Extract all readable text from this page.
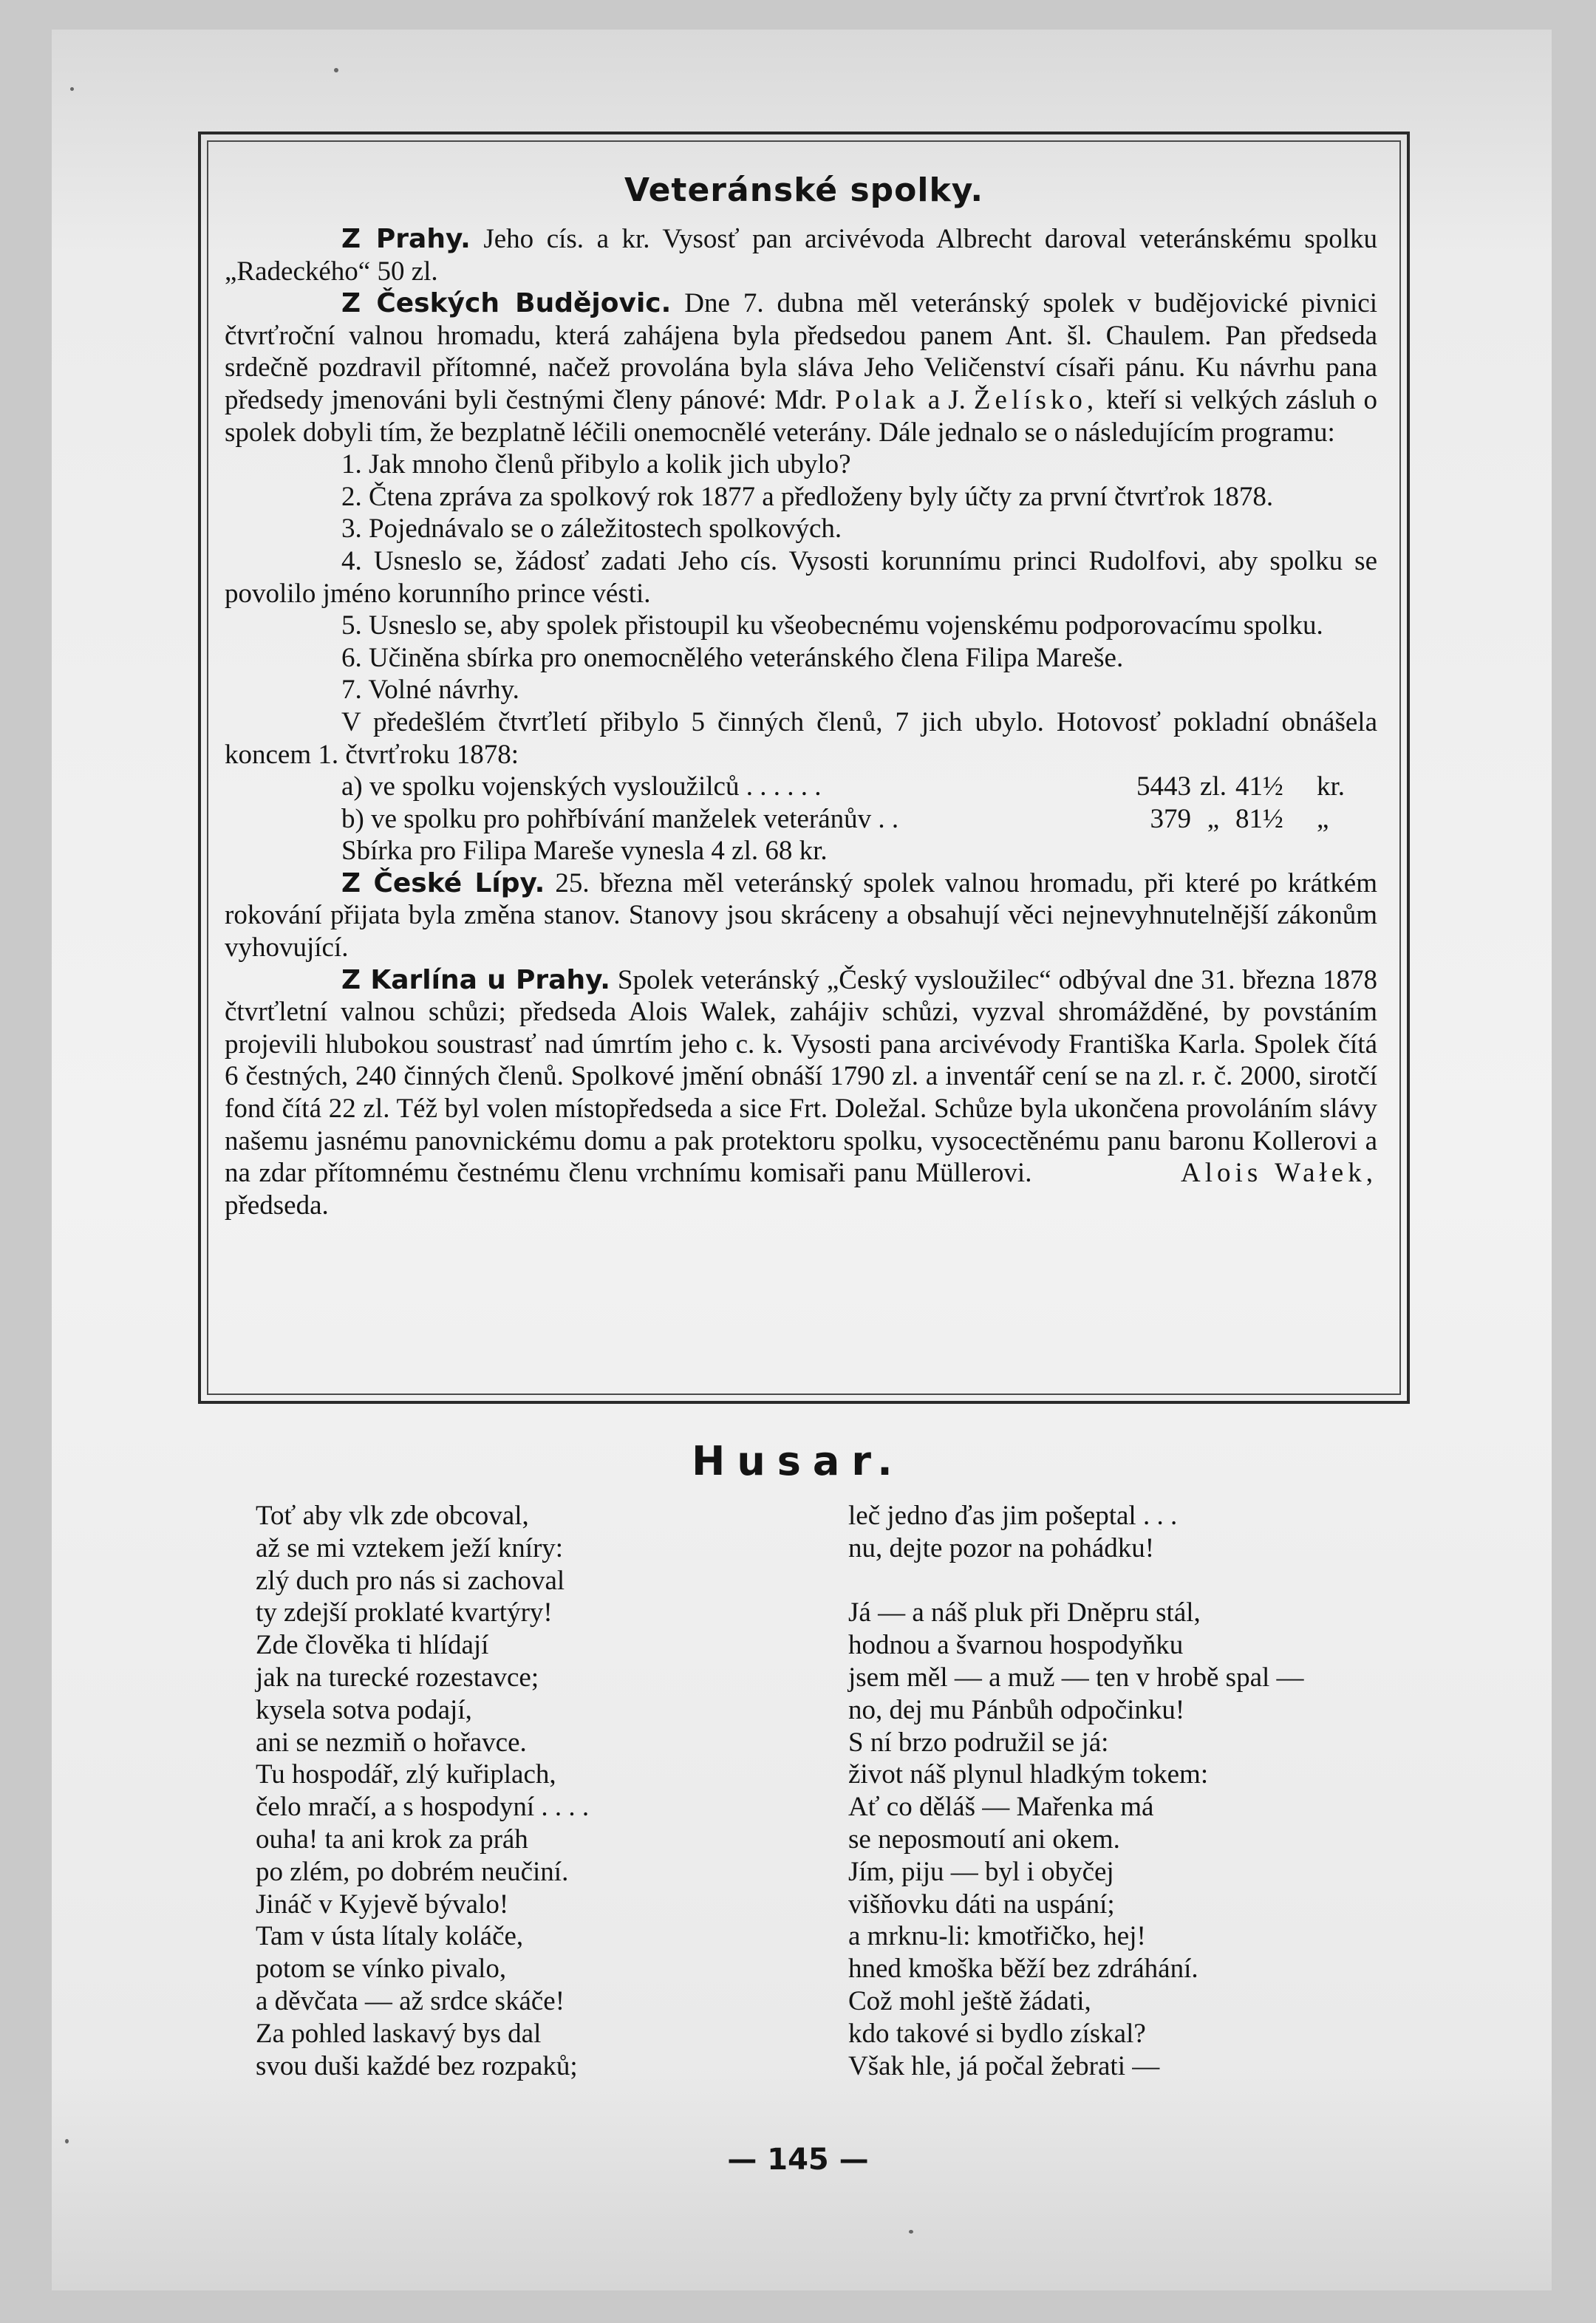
Veteránské spolky.

Z Prahy. Jeho cís. a kr. Vysosť pan arcivévoda Albrecht daroval veteránskému spolku „Radeckého“ 50 zl.

Z Českých Budějovic. Dne 7. dubna měl veteránský spolek v budějovické pivnici čtvrťroční valnou hromadu, která zahájena byla předsedou panem Ant. šl. Chaulem. Pan předseda srdečně pozdravil přítomné, načež provolána byla sláva Jeho Veličenství císaři pánu. Ku návrhu pana předsedy jmenováni byli čestnými členy pánové: Mdr. Polak a J. Želísko, kteří si velkých zásluh o spolek dobyli tím, že bezplatně léčili onemocnělé veterány. Dále jednalo se o následujícím programu:

1. Jak mnoho členů přibylo a kolik jich ubylo?

2. Čtena zpráva za spolkový rok 1877 a předloženy byly účty za první čtvrťrok 1878.

3. Pojednávalo se o záležitostech spolkových.

4. Usneslo se, žádosť zadati Jeho cís. Vysosti korunnímu princi Rudolfovi, aby spolku se povolilo jméno korunního prince vésti.

5. Usneslo se, aby spolek přistoupil ku všeobecnému vojenskému podporovacímu spolku.

6. Učiněna sbírka pro onemocnělého veteránského člena Filipa Mareše.

7. Volné návrhy.

V předešlém čtvrťletí přibylo 5 činných členů, 7 jich ubylo. Hotovosť pokladní obnášela koncem 1. čtvrťroku 1878:

a) ve spolku vojenských vysloužilců . . . . . .	5443 zl. 41½	kr.
b) ve spolku pro pohřbívání manželek veteránův . .	379 „ 81½	„

Sbírka pro Filipa Mareše vynesla 4 zl. 68 kr.

Z České Lípy. 25. března měl veteránský spolek valnou hromadu, při které po krátkém rokování přijata byla změna stanov. Stanovy jsou skráceny a obsahují věci nejnevyhnutelnější zákonům vyhovující.

Z Karlína u Prahy. Spolek veteránský „Český vysloužilec“ odbýval dne 31. března 1878 čtvrťletní valnou schůzi; předseda Alois Walek, zahájiv schůzi, vyzval shromážděné, by povstáním projevili hlubokou soustrasť nad úmrtím jeho c. k. Vysosti pana arcivévody Františka Karla. Spolek čítá 6 čestných, 240 činných členů. Spolkové jmění obnáší 1790 zl. a inventář cení se na zl. r. č. 2000, sirotčí fond čítá 22 zl. Též byl volen místopředseda a sice Frt. Doležal. Schůze byla ukončena provoláním slávy našemu jasnému panovnickému domu a pak protektoru spolku, vysocectěnému panu baronu Kollerovi a na zdar přítomnému čestnému členu vrchnímu komisaři panu Müllerovi.	Alois Wałek, předseda.

Husar.
Toť aby vlk zde obcoval,
až se mi vztekem ježí kníry:
zlý duch pro nás si zachoval
ty zdejší proklaté kvartýry!
Zde člověka ti hlídají
jak na turecké rozestavce;
kysela sotva podají,
ani se nezmiň o hořavce.
Tu hospodář, zlý kuřiplach,
čelo mračí, a s hospodyní . . . .
ouha! ta ani krok za práh
po zlém, po dobrém neučiní.
Jináč v Kyjevě bývalo!
Tam v ústa lítaly koláče,
potom se vínko pivalo,
a děvčata — až srdce skáče!
Za pohled laskavý bys dal
svou duši každé bez rozpaků;
leč jedno ďas jim pošeptal . . .
nu, dejte pozor na pohádku!
Já — a náš pluk při Dněpru stál,
hodnou a švarnou hospodyňku
jsem měl — a muž — ten v hrobě spal —
no, dej mu Pánbůh odpočinku!
S ní brzo podružil se já:
život náš plynul hladkým tokem:
Ať co děláš — Mařenka má
se neposmoutí ani okem.
Jím, piju — byl i obyčej
višňovku dáti na uspání;
a mrknu-li: kmotřičko, hej!
hned kmoška běží bez zdráhání.
Což mohl ještě žádati,
kdo takové si bydlo získal?
Však hle, já počal žebrati —
— 145 —
